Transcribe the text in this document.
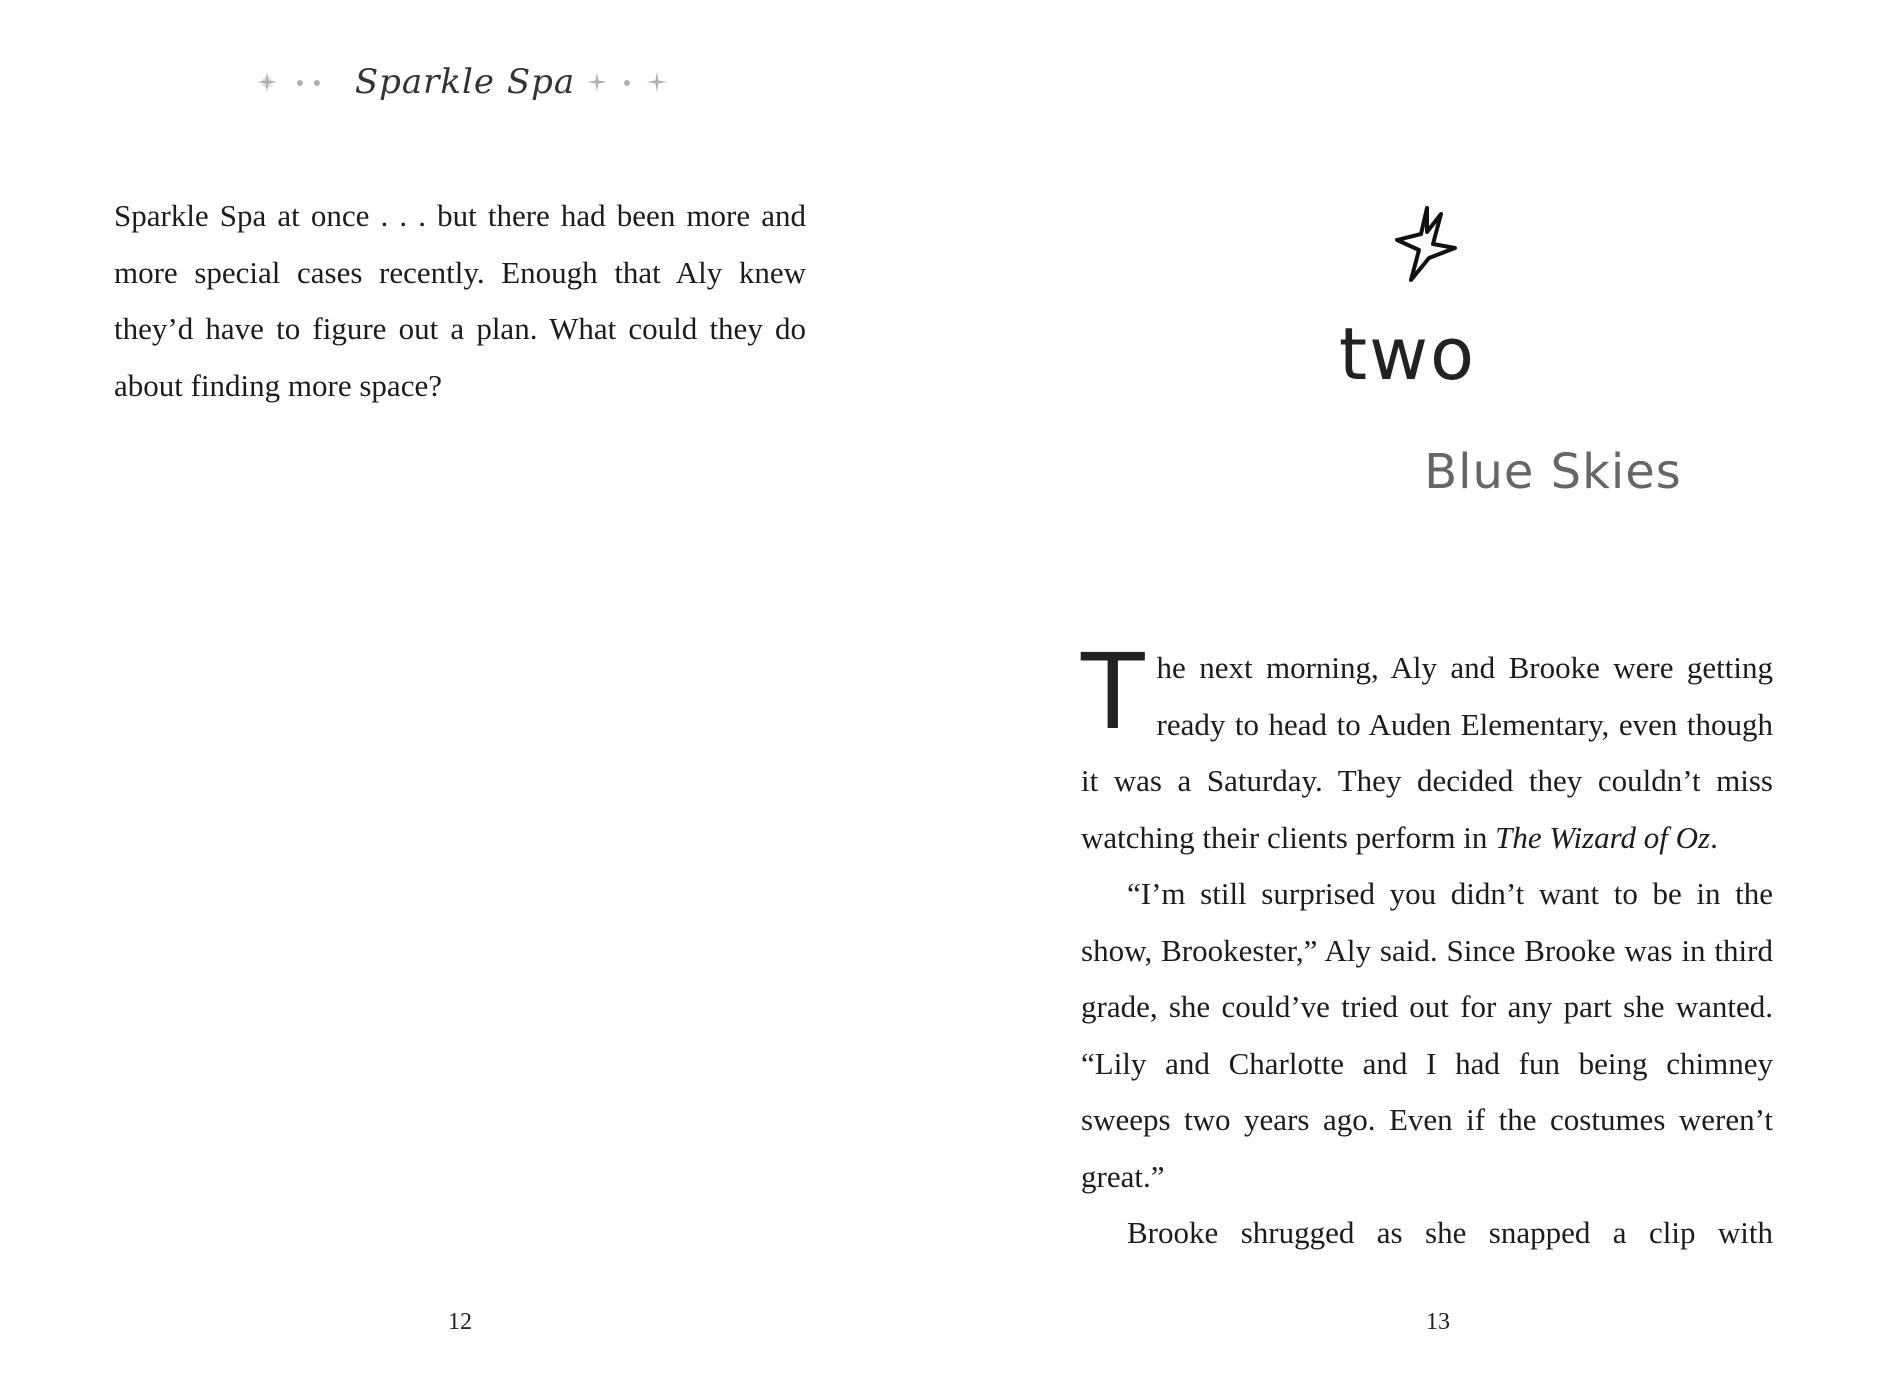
Sparkle Spa

Sparkle Spa at once . . . but there had been more and more special cases recently. Enough that Aly knew they’d have to figure out a plan. What could they do about finding more space?

12
two
Blue Skies

The next morning, Aly and Brooke were getting ready to head to Auden Elementary, even though it was a Saturday. They decided they couldn’t miss watching their clients perform in The Wizard of Oz.

“I’m still surprised you didn’t want to be in the show, Brookester,” Aly said. Since Brooke was in third grade, she could’ve tried out for any part she wanted. “Lily and Charlotte and I had fun being chimney sweeps two years ago. Even if the costumes weren’t great.”

Brooke shrugged as she snapped a clip with

13
